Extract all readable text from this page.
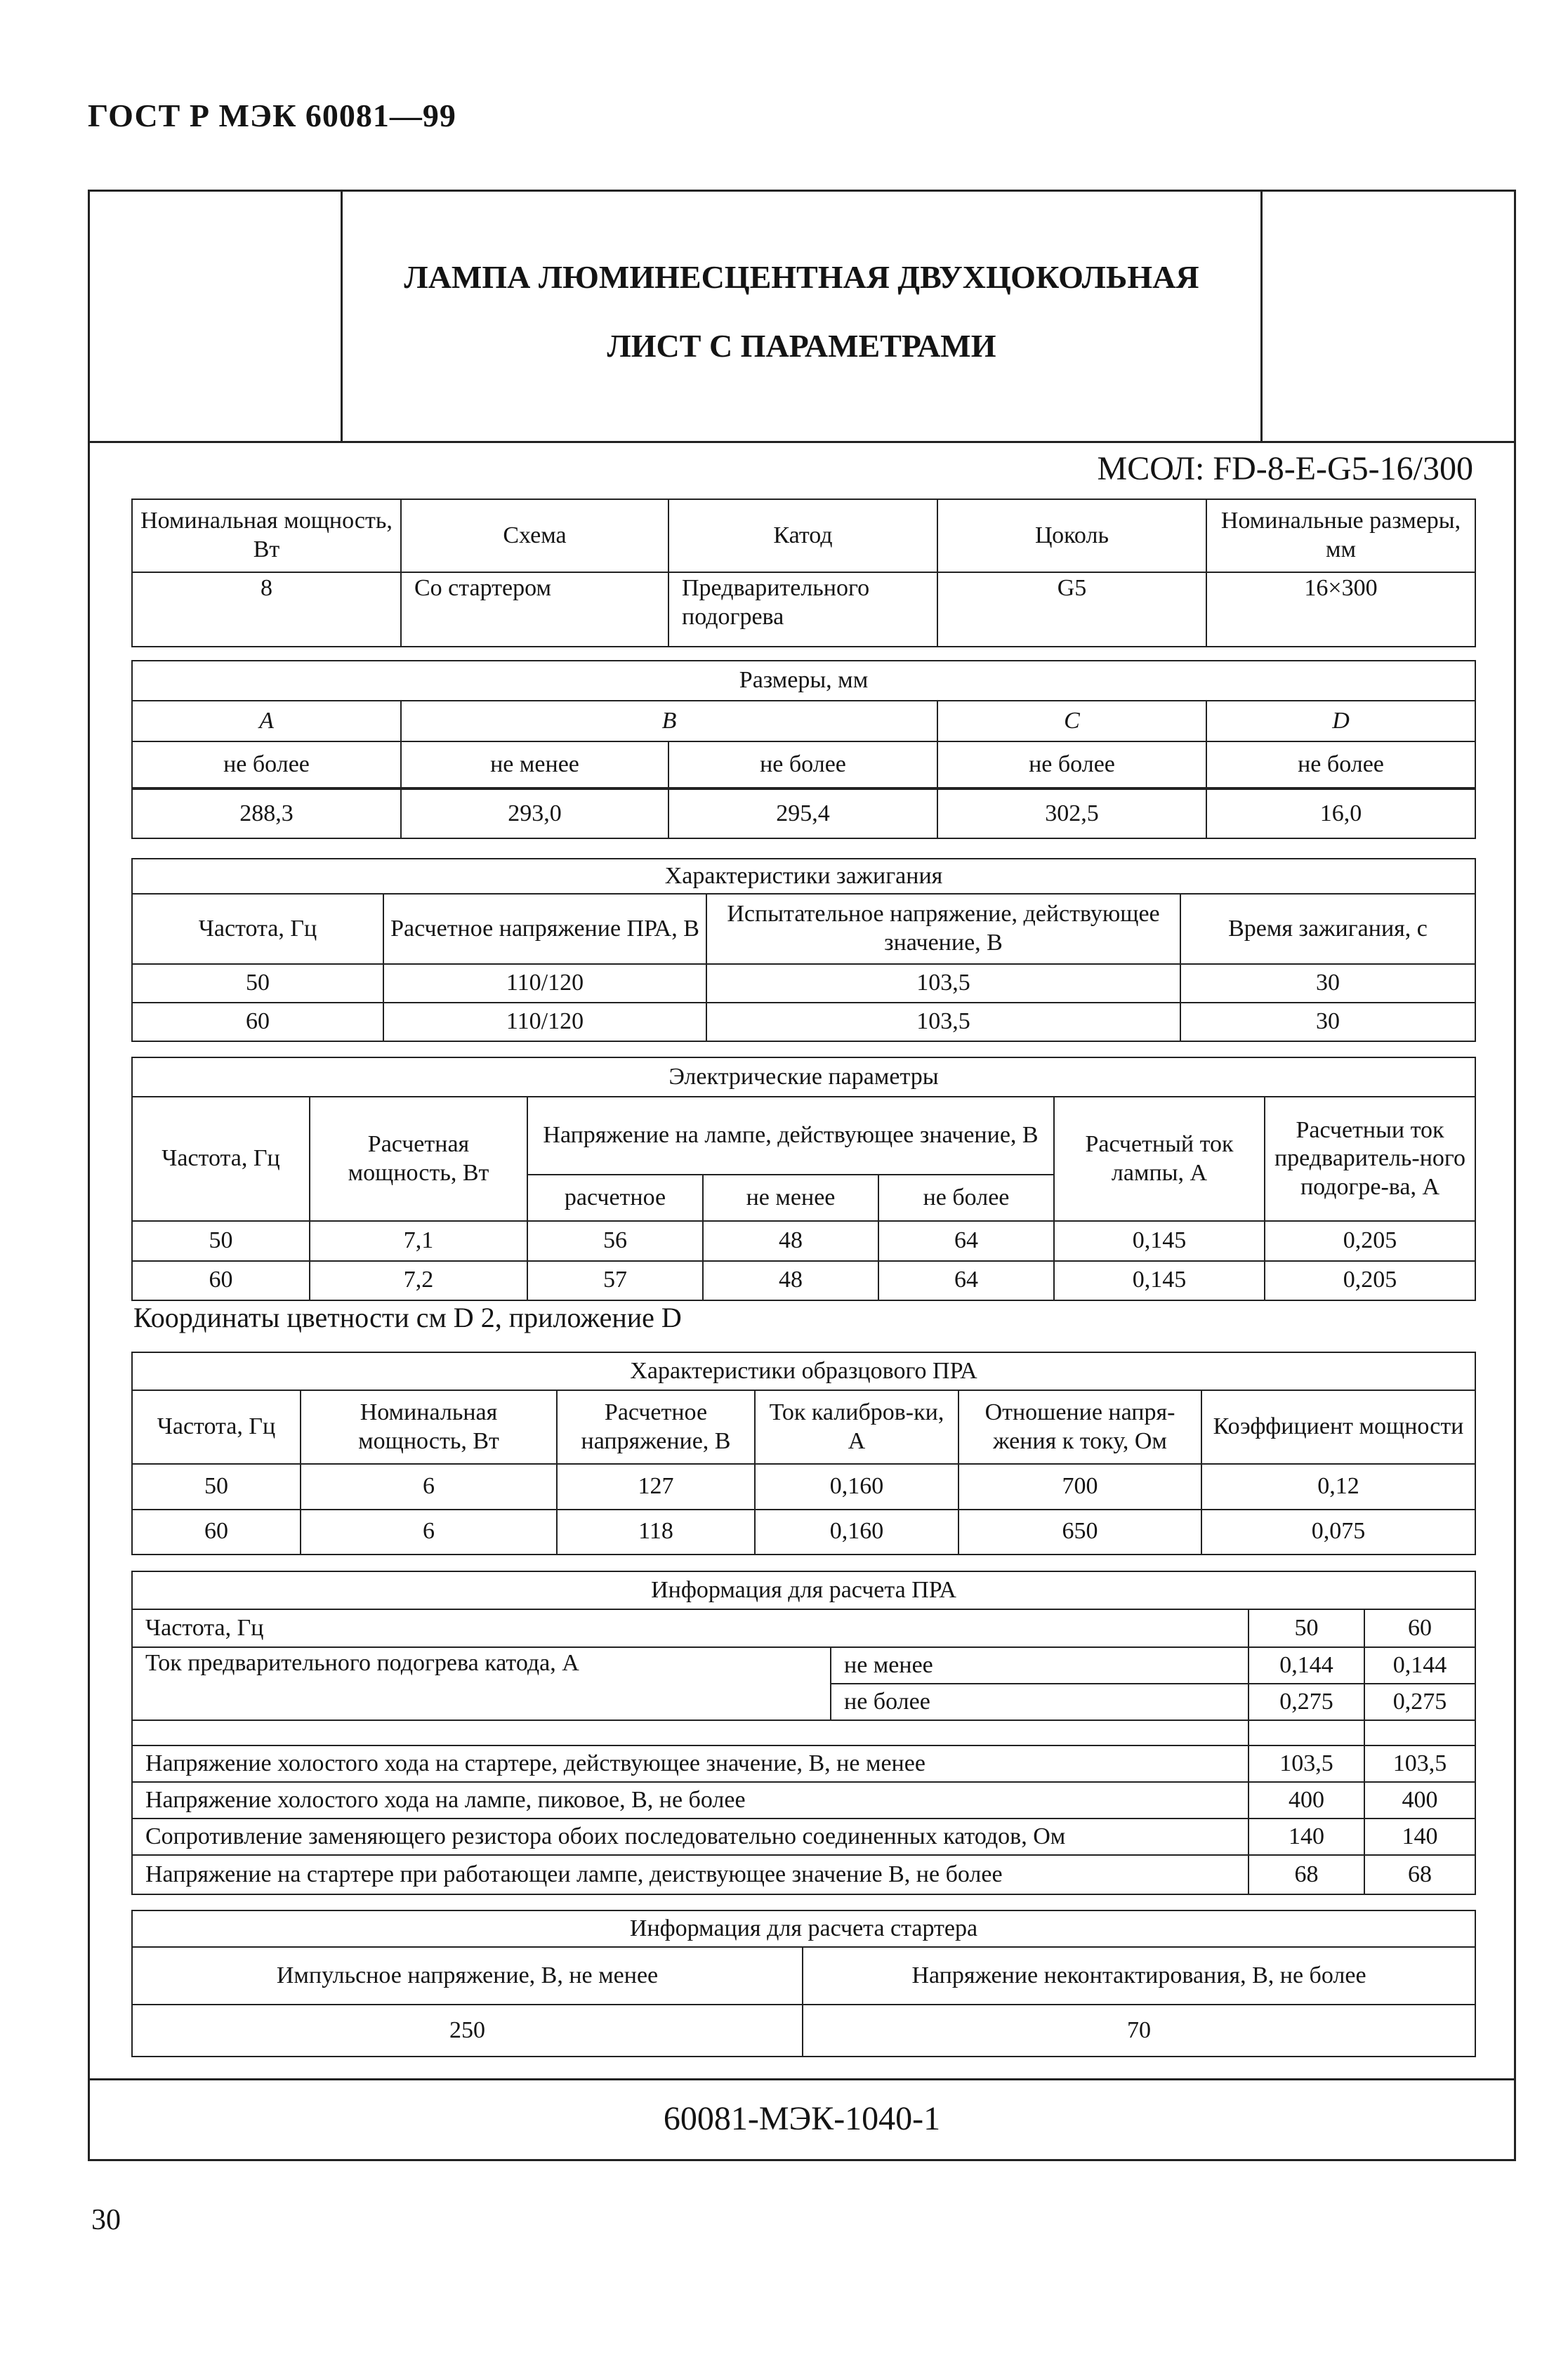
ГОСТ Р МЭК 60081—99
ЛАМПА ЛЮМИНЕСЦЕНТНАЯ ДВУХЦОКОЛЬНАЯ
ЛИСТ С ПАРАМЕТРАМИ
МСОЛ: FD-8-E-G5-16/300
Номинальная мощность, Вт	Схема	Катод	Цоколь	Номинальные размеры, мм
8	Со стартером	Предварительного подогрева	G5	16×300
Размеры, мм				
A	B		C	D
не более	не менее	не более	не более	не более
288,3	293,0	295,4	302,5	16,0
Характеристики зажигания			
Частота, Гц	Расчетное напряжение ПРА, В	Испытательное напряжение, действующее значение, В	Время зажигания, с
50	110/120	103,5	30
60	110/120	103,5	30
Электрические параметры						
Частота, Гц	Расчетная мощность, Вт	Напряжение на лампе, действующее значение, В			Расчетный ток лампы, А	Расчетныи ток предваритель-ного подогре-ва, А
		расчетное	не менее	не более		
50	7,1	56	48	64	0,145	0,205
60	7,2	57	48	64	0,145	0,205
Координаты цветности см D 2, приложение D
Характеристики образцового ПРА					
Частота, Гц	Номинальная мощность, Вт	Расчетное напряжение, В	Ток калибров-ки, А	Отношение напря-жения к току, Ом	Коэффициент мощности
50	6	127	0,160	700	0,12
60	6	118	0,160	650	0,075
Информация для расчета ПРА			
Частота, Гц		50	60
Ток предварительного подогрева катода, А	не менее	0,144	0,144
	не более	0,275	0,275

Напряжение холостого хода на стартере, действующее значение, В, не менее		103,5	103,5
Напряжение холостого хода на лампе, пиковое, В, не более		400	400
Сопротивление заменяющего резистора обоих последовательно соединенных катодов, Ом		140	140
Напряжение на стартере при работающеи лампе, деиствующее значение В, не более		68	68
Информация для расчета стартера	
Импульсное напряжение, В, не менее	Напряжение неконтактирования, В, не более
250	70
60081-МЭК-1040-1
30
